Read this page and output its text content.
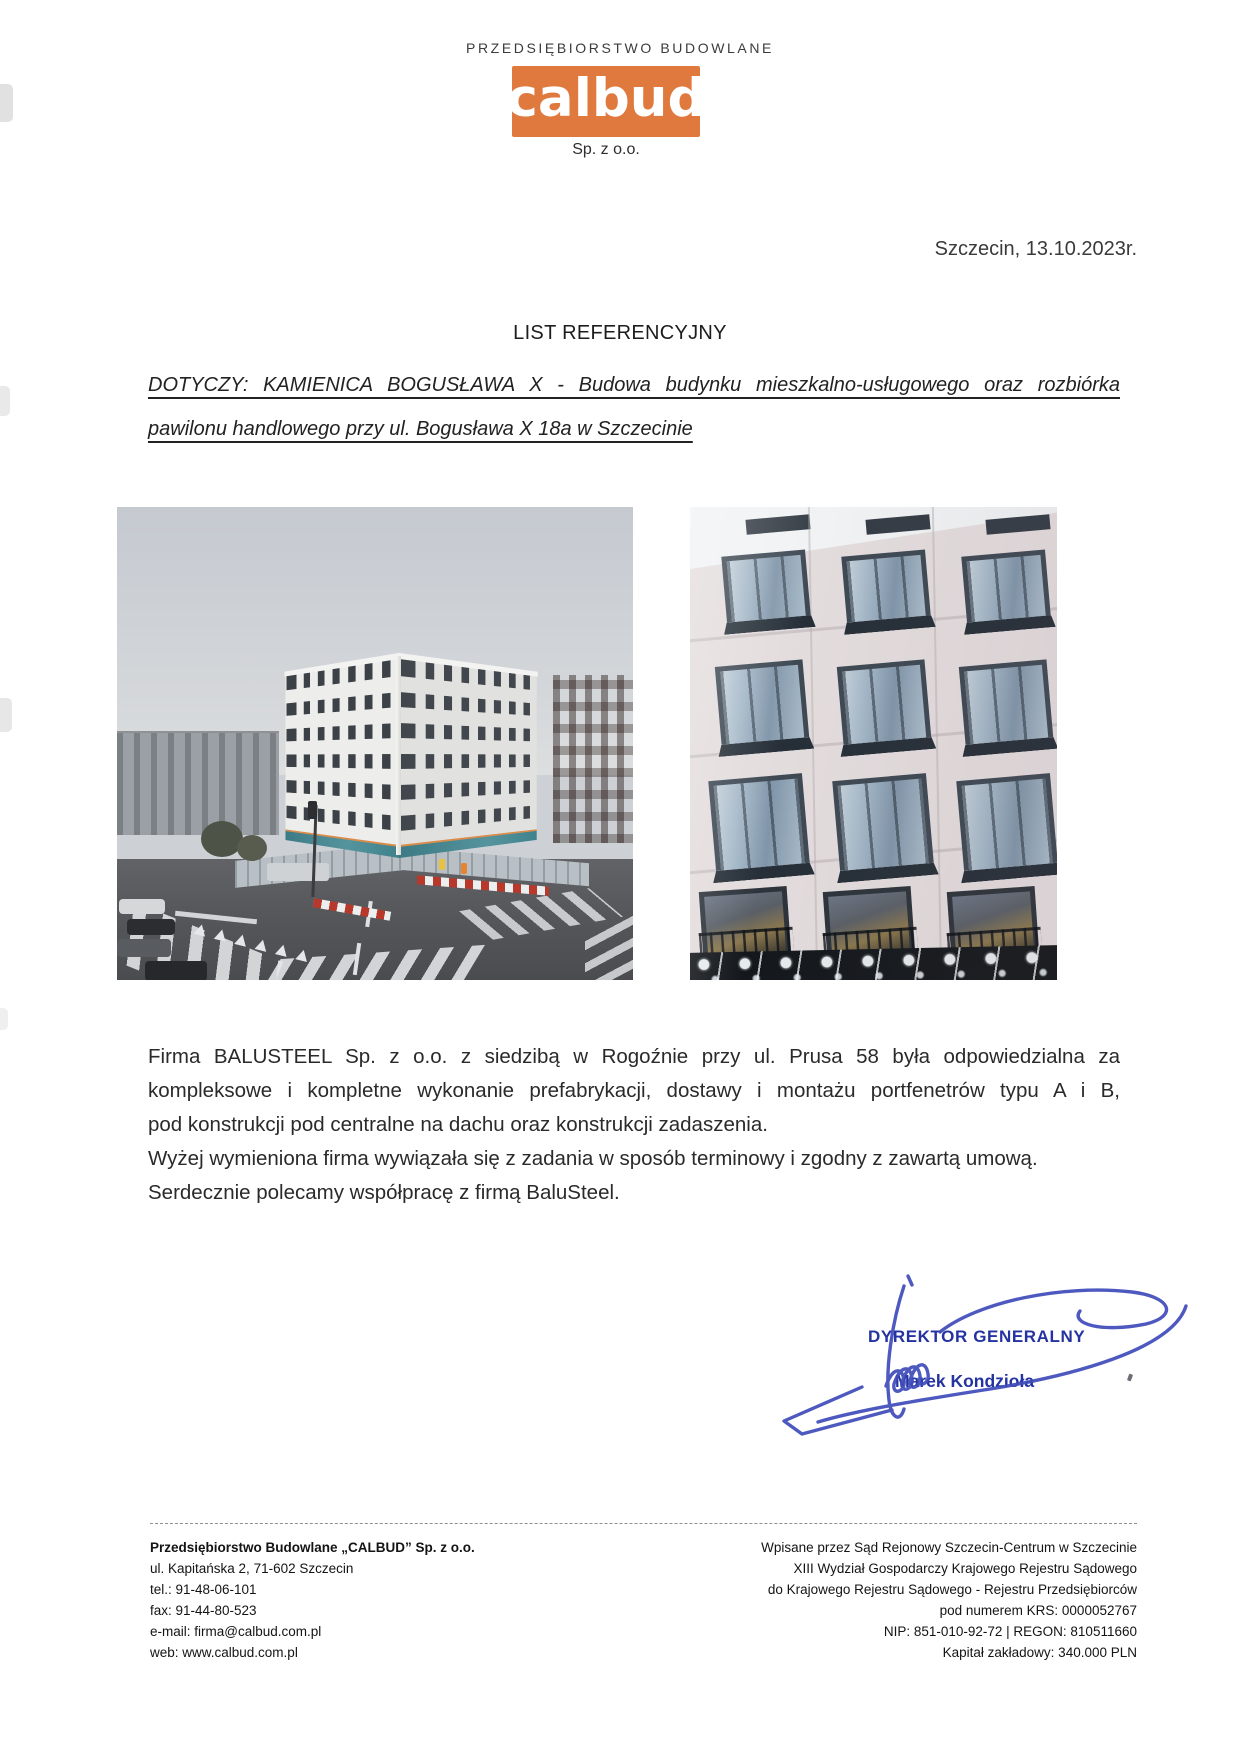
PRZEDSIĘBIORSTWO BUDOWLANE
calbud
Sp. z o.o.
Szczecin, 13.10.2023r.
LIST REFERENCYJNY
DOTYCZY: KAMIENICA BOGUSŁAWA X - Budowa budynku mieszkalno-usługowego oraz rozbiórka
pawilonu handlowego przy ul. Bogusława X 18a w Szczecinie
Firma BALUSTEEL Sp. z o.o. z siedzibą w Rogoźnie przy ul. Prusa 58 była odpowiedzialna za
kompleksowe i kompletne wykonanie prefabrykacji, dostawy i montażu portfenetrów typu A i B,
pod konstrukcji pod centralne na dachu oraz konstrukcji zadaszenia.
Wyżej wymieniona firma wywiązała się z zadania w sposób terminowy i zgodny z zawartą umową.
Serdecznie polecamy współpracę z firmą BaluSteel.
DYREKTOR GENERALNY
Marek Kondzioła
Przedsiębiorstwo Budowlane „CALBUD” Sp. z o.o.
ul. Kapitańska 2, 71-602 Szczecin
tel.: 91-48-06-101
fax: 91-44-80-523
e-mail: firma@calbud.com.pl
web: www.calbud.com.pl
Wpisane przez Sąd Rejonowy Szczecin-Centrum w Szczecinie
XIII Wydział Gospodarczy Krajowego Rejestru Sądowego
do Krajowego Rejestru Sądowego - Rejestru Przedsiębiorców
pod numerem KRS: 0000052767
NIP: 851-010-92-72 | REGON: 810511660
Kapitał zakładowy: 340.000 PLN
